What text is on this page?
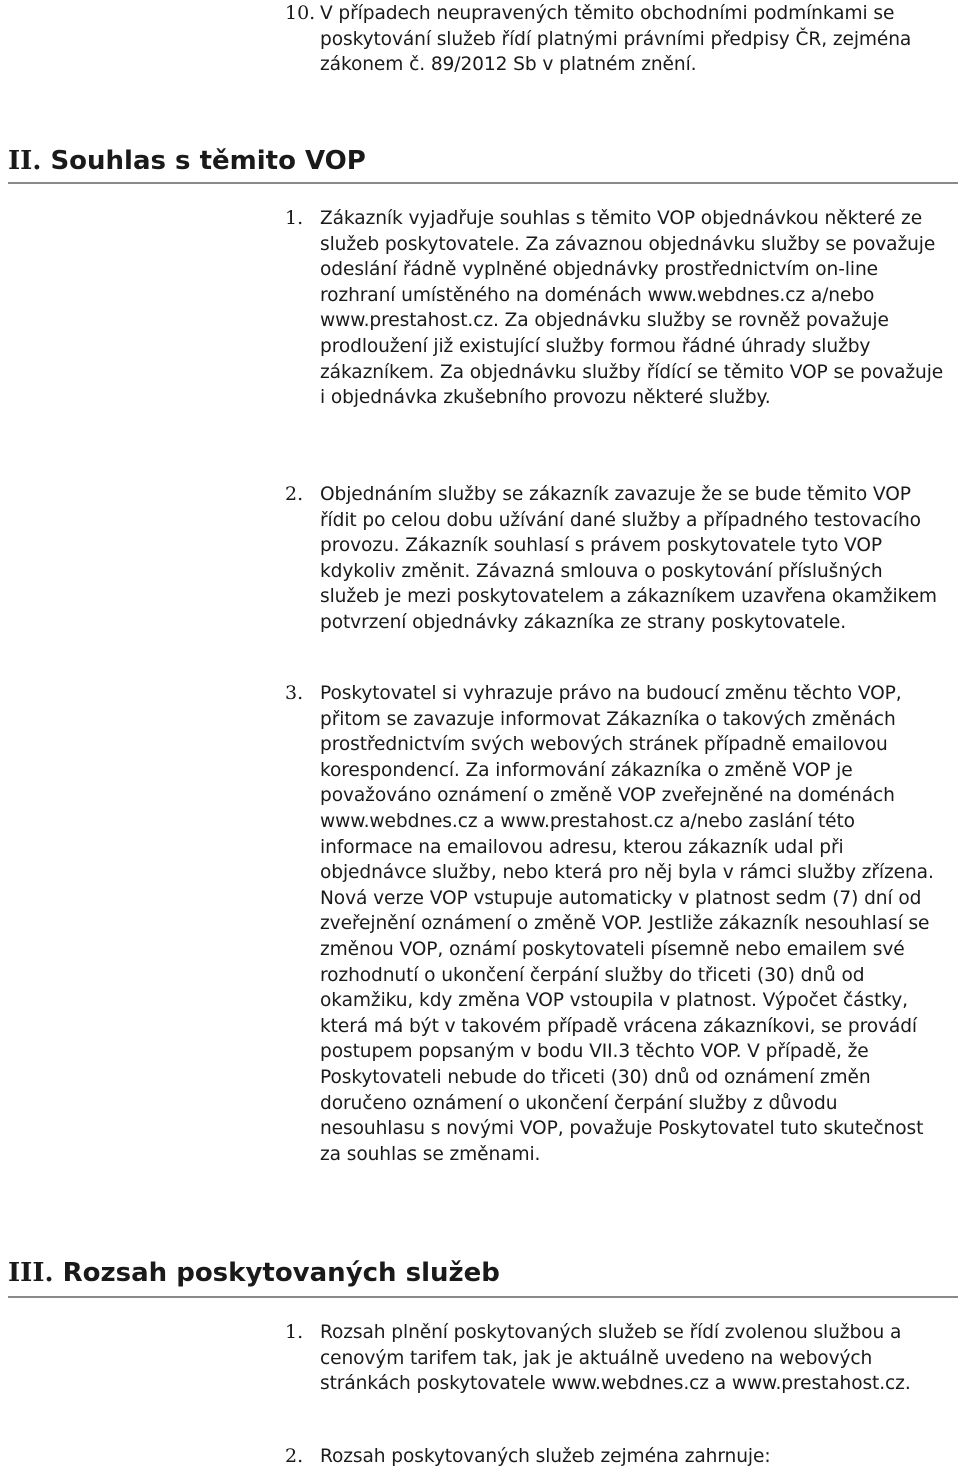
10. V případech neupravených těmito obchodními podmínkami se poskytování služeb řídí platnými právními předpisy ČR, zejména zákonem č. 89/2012 Sb v platném znění.
II. Souhlas s těmito VOP
1. Zákazník vyjadřuje souhlas s těmito VOP objednávkou některé ze služeb poskytovatele. Za závaznou objednávku služby se považuje odeslání řádně vyplněné objednávky prostřednictvím on-line rozhraní umístěného na doménách www.webdnes.cz a/nebo www.prestahost.cz. Za objednávku služby se rovněž považuje prodloužení již existující služby formou řádné úhrady služby zákazníkem. Za objednávku služby řídící se těmito VOP se považuje i objednávka zkušebního provozu některé služby.
2. Objednáním služby se zákazník zavazuje že se bude těmito VOP řídit po celou dobu užívání dané služby a případného testovacího provozu. Zákazník souhlasí s právem poskytovatele tyto VOP kdykoliv změnit. Závazná smlouva o poskytování příslušných služeb je mezi poskytovatelem a zákazníkem uzavřena okamžikem potvrzení objednávky zákazníka ze strany poskytovatele.
3. Poskytovatel si vyhrazuje právo na budoucí změnu těchto VOP, přitom se zavazuje informovat Zákazníka o takových změnách prostřednictvím svých webových stránek případně emailovou korespondencí. Za informování zákazníka o změně VOP je považováno oznámení o změně VOP zveřejněné na doménách www.webdnes.cz a www.prestahost.cz a/nebo zaslání této informace na emailovou adresu, kterou zákazník udal při objednávce služby, nebo která pro něj byla v rámci služby zřízena. Nová verze VOP vstupuje automaticky v platnost sedm (7) dní od zveřejnění oznámení o změně VOP. Jestliže zákazník nesouhlasí se změnou VOP, oznámí poskytovateli písemně nebo emailem své rozhodnutí o ukončení čerpání služby do třiceti (30) dnů od okamžiku, kdy změna VOP vstoupila v platnost. Výpočet částky, která má být v takovém případě vrácena zákazníkovi, se provádí postupem popsaným v bodu VII.3 těchto VOP. V případě, že Poskytovateli nebude do třiceti (30) dnů od oznámení změn doručeno oznámení o ukončení čerpání služby z důvodu nesouhlasu s novými VOP, považuje Poskytovatel tuto skutečnost za souhlas se změnami.
III. Rozsah poskytovaných služeb
1. Rozsah plnění poskytovaných služeb se řídí zvolenou službou a cenovým tarifem tak, jak je aktuálně uvedeno na webových stránkách poskytovatele www.webdnes.cz a www.prestahost.cz.
2. Rozsah poskytovaných služeb zejména zahrnuje:
